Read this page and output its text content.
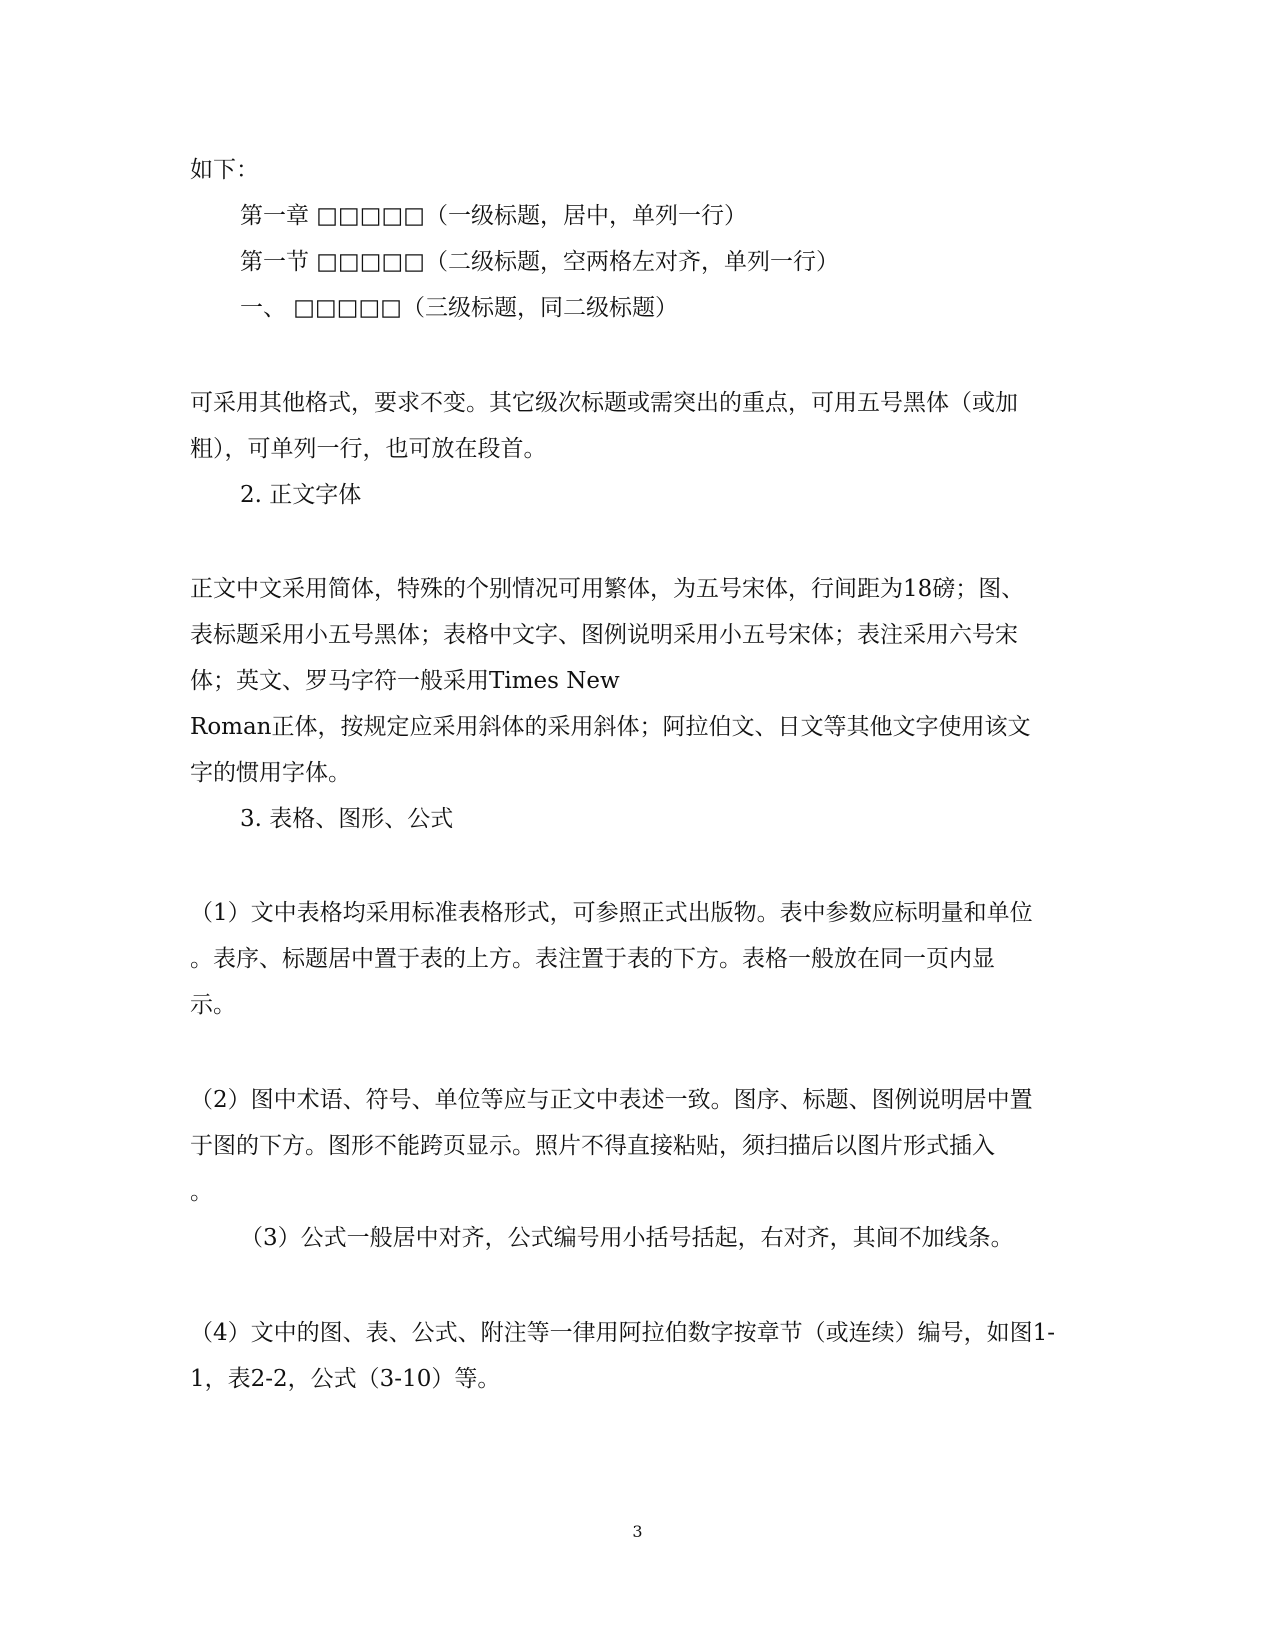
如下：

第一章 □□□□□（一级标题，居中，单列一行）

第一节 □□□□□（二级标题，空两格左对齐，单列一行）

一、 □□□□□（三级标题，同二级标题）

可采用其他格式，要求不变。其它级次标题或需突出的重点，可用五号黑体（或加

粗），可单列一行，也可放在段首。

2. 正文字体

正文中文采用简体，特殊的个别情况可用繁体，为五号宋体，行间距为18磅；图、

表标题采用小五号黑体；表格中文字、图例说明采用小五号宋体；表注采用六号宋

体；英文、罗马字符一般采用Times New

Roman正体，按规定应采用斜体的采用斜体；阿拉伯文、日文等其他文字使用该文

字的惯用字体。

3. 表格、图形、公式

（1）文中表格均采用标准表格形式，可参照正式出版物。表中参数应标明量和单位

。表序、标题居中置于表的上方。表注置于表的下方。表格一般放在同一页内显

示。

（2）图中术语、符号、单位等应与正文中表述一致。图序、标题、图例说明居中置

于图的下方。图形不能跨页显示。照片不得直接粘贴，须扫描后以图片形式插入

。

（3）公式一般居中对齐，公式编号用小括号括起，右对齐，其间不加线条。

（4）文中的图、表、公式、附注等一律用阿拉伯数字按章节（或连续）编号，如图1-

1，表2-2，公式（3-10）等。

3
